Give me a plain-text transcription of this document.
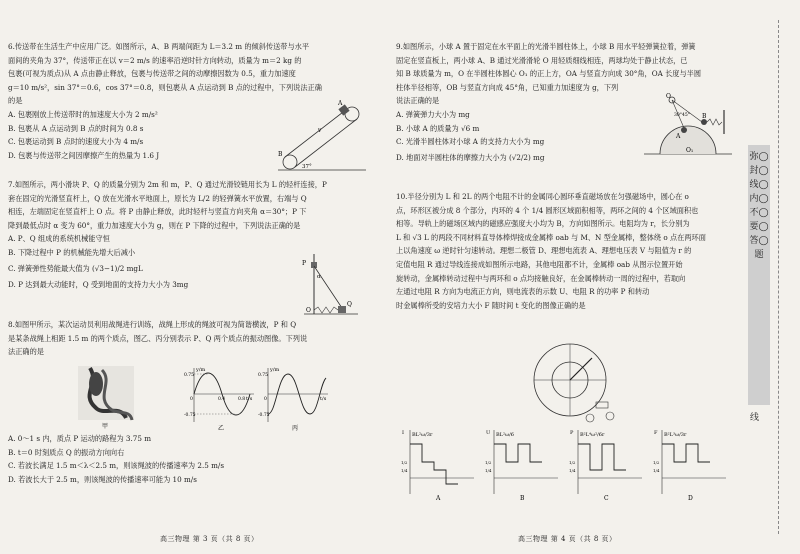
6.传送带在生活生产中应用广泛。如图所示，A、B 两端间距为 L＝3.2 m 的倾斜传送带与水平

面间的夹角为 37°，传送带正在以 v＝2 m/s 的速率沿逆时针方向转动，质量为 m＝2 kg 的

包裹(可视为质点)从 A 点由静止释放，包裹与传送带之间的动摩擦因数为 0.5，重力加速度

g＝10 m/s²，sin 37°＝0.6，cos 37°＝0.8，则包裹从 A 点运动到 B 点的过程中，下列说法正确

的是

A. 包裹刚放上传送带时的加速度大小为 2 m/s²

B. 包裹从 A 点运动到 B 点的时间为 0.8 s

C. 包裹运动到 B 点时的速度大小为 4 m/s

D. 包裹与传送带之间因摩擦产生的热量为 1.6 J

A
B
v
37°

7.如图所示，两小滑块 P、Q 的质量分别为 2m 和 m，P、Q 通过光滑铰链用长为 L 的轻杆连接，P

套在固定的光滑竖直杆上，Q 放在光滑水平地面上，原长为 L/2 的轻弹簧水平放置，右端与 Q

相连，左端固定在竖直杆上 O 点。将 P 由静止释放，此时轻杆与竖直方向夹角 α＝30°；P 下

降到最低点时 α 变为 60°，重力加速度大小为 g，则在 P 下降的过程中，下列说法正确的是

A. P、Q 组成的系统机械能守恒

B. 下降过程中 P 的机械能先增大后减小

C. 弹簧弹性势能最大值为 (√3−1)/2 mgL

D. P 达到最大动能时，Q 受到地面的支持力大小为 3mg

P
O
Q
α

8.如图甲所示，某次运动员利用战绳进行训练，战绳上形成的绳波可视为简谐横波，P 和 Q

是某条战绳上相距 1.5 m 的两个质点，图乙、丙分别表示 P、Q 两个质点的振动图像。下列说

法正确的是

甲
y/m
t/s
0.75
-0.75
0	0.4	0.8
乙
y/m
t/s
0.75
-0.75
0
丙

A. 0～1 s 内，质点 P 运动的路程为 3.75 m

B. t＝0 时刻质点 Q 的振动方向向右

C. 若波长满足 1.5 m＜λ＜2.5 m，则该绳波的传播速率为 2.5 m/s

D. 若波长大于 2.5 m，则该绳波的传播速率可能为 10 m/s

高三物理 第 3 页（共 8 页）

9.如图所示，小球 A 置于固定在水平面上的光滑半圆柱体上，小球 B 用水平轻弹簧拉着，弹簧

固定在竖直板上，两小球 A、B 通过光滑滑轮 O 用轻质细线相连，两球均处于静止状态，已

知 B 球质量为 m，O 在半圆柱体圆心 O₁ 的正上方，OA 与竖直方向成 30°角，OA 长度与半圆

柱体半径相等，OB 与竖直方向成 45°角，已知重力加速度为 g，下列

说法正确的是

A. 弹簧弹力大小为 mg

B. 小球 A 的质量为 √6 m

C. 光滑半圆柱体对小球 A 的支持力大小为 mg

D. 地面对半圆柱体的摩擦力大小为 (√2/2) mg

O
A
B
O₁
30°45°

10.半径分别为 L 和 2L 的两个电阻不计的金属同心圆环垂直磁场放在匀强磁场中，圆心在 o

点，环形区被分成 8 个部分，内环的 4 个 1/4 圆形区域面积相等，两环之间的 4 个区域面积也

相等。导轨上的磁场区域内的磁感应强度大小均为 B，方向如图所示。电阻均为 r，长分别为

L 和 √3 L 的两段不同材料直导体棒焊接成金属棒 oab 与 M、N 型金属棒，整体绕 o 点在两环面

上以角速度 ω 逆时针匀速转动。理想二极管 D、理想电流表 A、理想电压表 V 与阻值为 r 的

定值电阻 R 通过导线连接成如图所示电路，其他电阻都不计，金属棒 oab 从图示位置开始

旋转动，金属棒转动过程中与两环和 o 点均接触良好，在金属棒转动一周的过程中，若取向

左通过电阻 R 方向为电流正方向，则电流表的示数 U、电阻 R 的功率 P 和转动

时金属棒所受的安培力大小 F 随时间 t 变化的图像正确的是

BL²ω/3r
I
1/2
1/4
A
BL²ω/6
U
1/2
1/4
B
B²L⁴ω²/6r
P
1/2
1/4
C
B²L³ω/3r
F
1/2
1/4
D
高三物理 第 4 页（共 8 页）
弥◯封◯线◯内◯不◯要◯答◯题
线
